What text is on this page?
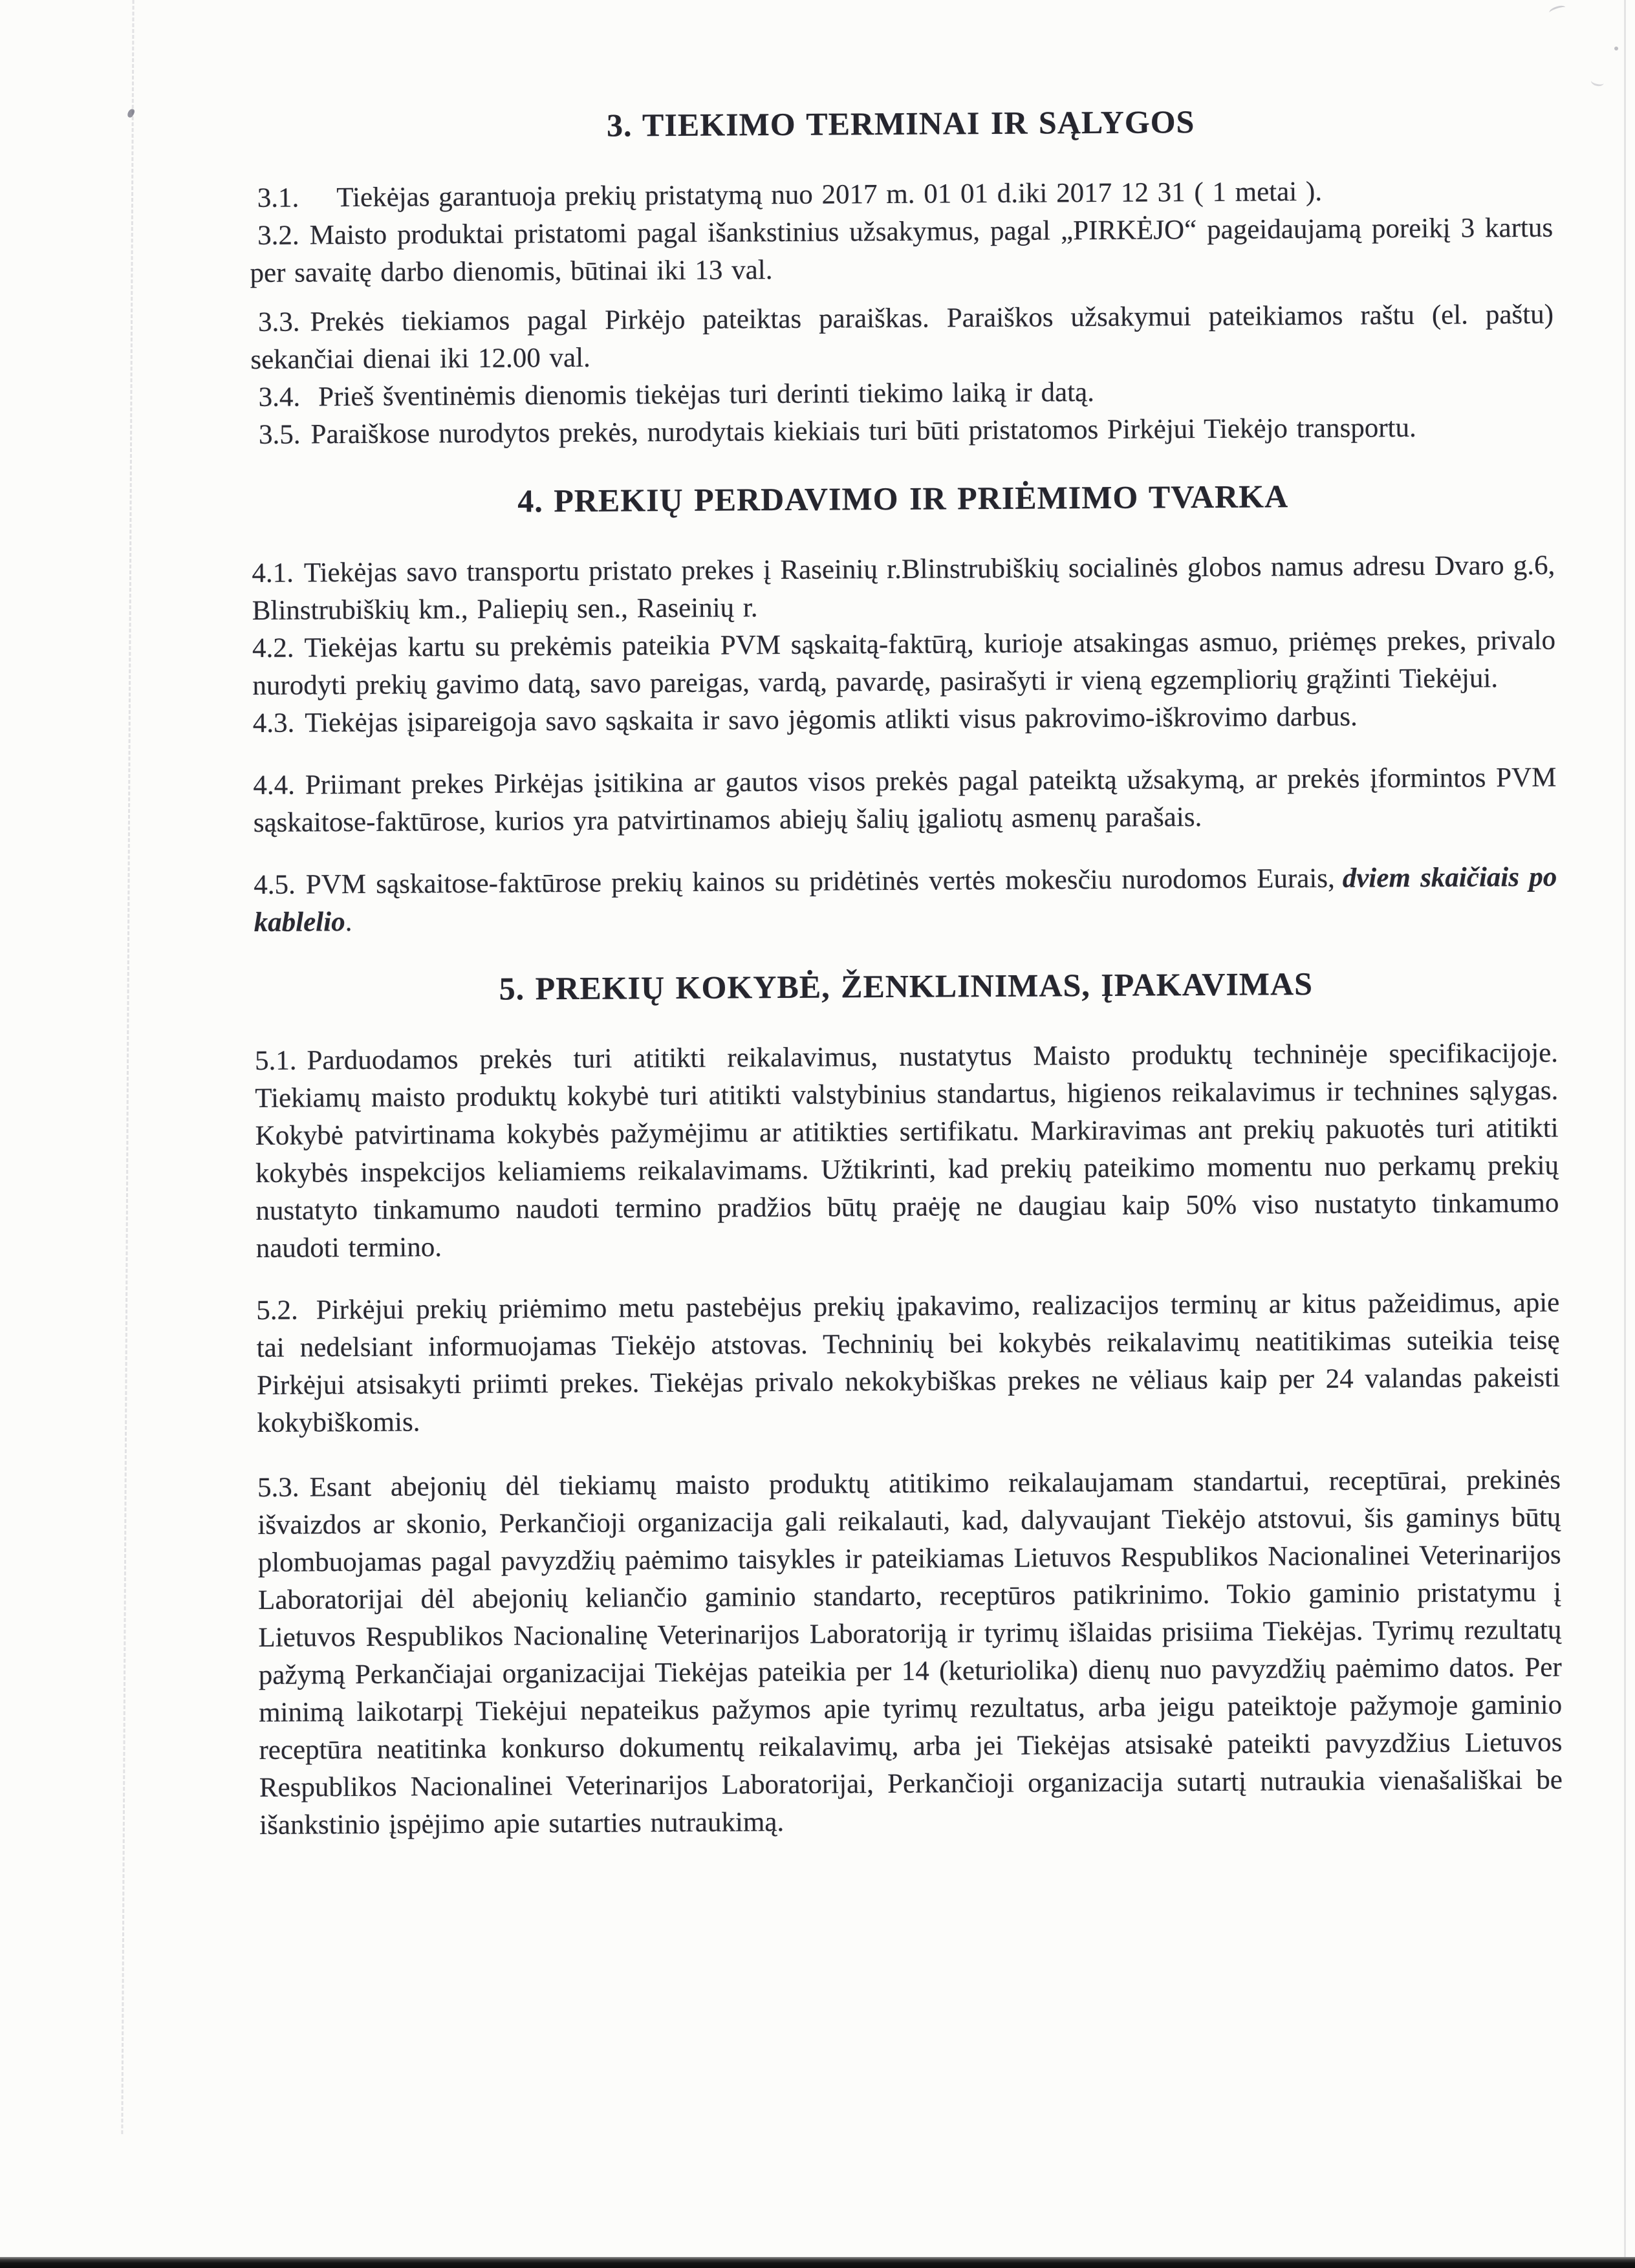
3. TIEKIMO TERMINAI IR SĄLYGOS

3.1. Tiekėjas garantuoja prekių pristatymą nuo 2017 m. 01 01 d.iki 2017 12 31 ( 1 metai ).

3.2. Maisto produktai pristatomi pagal išankstinius užsakymus, pagal „PIRKĖJO“ pageidaujamą poreikį 3 kartus per savaitę darbo dienomis, būtinai iki 13 val.

3.3. Prekės tiekiamos pagal Pirkėjo pateiktas paraiškas. Paraiškos užsakymui pateikiamos raštu (el. paštu) sekančiai dienai iki 12.00 val.

3.4. Prieš šventinėmis dienomis tiekėjas turi derinti tiekimo laiką ir datą.

3.5. Paraiškose nurodytos prekės, nurodytais kiekiais turi būti pristatomos Pirkėjui Tiekėjo transportu.

4. PREKIŲ PERDAVIMO IR PRIĖMIMO TVARKA

4.1. Tiekėjas savo transportu pristato prekes į Raseinių r.Blinstrubiškių socialinės globos namus adresu Dvaro g.6, Blinstrubiškių km., Paliepių sen., Raseinių r.

4.2. Tiekėjas kartu su prekėmis pateikia PVM sąskaitą-faktūrą, kurioje atsakingas asmuo, priėmęs prekes, privalo nurodyti prekių gavimo datą, savo pareigas, vardą, pavardę, pasirašyti ir vieną egzempliorių grąžinti Tiekėjui.

4.3. Tiekėjas įsipareigoja savo sąskaita ir savo jėgomis atlikti visus pakrovimo-iškrovimo darbus.

4.4. Priimant prekes Pirkėjas įsitikina ar gautos visos prekės pagal pateiktą užsakymą, ar prekės įformintos PVM sąskaitose-faktūrose, kurios yra patvirtinamos abiejų šalių įgaliotų asmenų parašais.

4.5. PVM sąskaitose-faktūrose prekių kainos su pridėtinės vertės mokesčiu nurodomos Eurais, dviem skaičiais po kablelio.

5. PREKIŲ KOKYBĖ, ŽENKLINIMAS, ĮPAKAVIMAS

5.1. Parduodamos prekės turi atitikti reikalavimus, nustatytus Maisto produktų techninėje specifikacijoje. Tiekiamų maisto produktų kokybė turi atitikti valstybinius standartus, higienos reikalavimus ir technines sąlygas. Kokybė patvirtinama kokybės pažymėjimu ar atitikties sertifikatu. Markiravimas ant prekių pakuotės turi atitikti kokybės inspekcijos keliamiems reikalavimams. Užtikrinti, kad prekių pateikimo momentu nuo perkamų prekių nustatyto tinkamumo naudoti termino pradžios būtų praėję ne daugiau kaip 50% viso nustatyto tinkamumo naudoti termino.

5.2. Pirkėjui prekių priėmimo metu pastebėjus prekių įpakavimo, realizacijos terminų ar kitus pažeidimus, apie tai nedelsiant informuojamas Tiekėjo atstovas. Techninių bei kokybės reikalavimų neatitikimas suteikia teisę Pirkėjui atsisakyti priimti prekes. Tiekėjas privalo nekokybiškas prekes ne vėliaus kaip per 24 valandas pakeisti kokybiškomis.

5.3. Esant abejonių dėl tiekiamų maisto produktų atitikimo reikalaujamam standartui, receptūrai, prekinės išvaizdos ar skonio, Perkančioji organizacija gali reikalauti, kad, dalyvaujant Tiekėjo atstovui, šis gaminys būtų plombuojamas pagal pavyzdžių paėmimo taisykles ir pateikiamas Lietuvos Respublikos Nacionalinei Veterinarijos Laboratorijai dėl abejonių keliančio gaminio standarto, receptūros patikrinimo. Tokio gaminio pristatymu į Lietuvos Respublikos Nacionalinę Veterinarijos Laboratoriją ir tyrimų išlaidas prisiima Tiekėjas. Tyrimų rezultatų pažymą Perkančiajai organizacijai Tiekėjas pateikia per 14 (keturiolika) dienų nuo pavyzdžių paėmimo datos. Per minimą laikotarpį Tiekėjui nepateikus pažymos apie tyrimų rezultatus, arba jeigu pateiktoje pažymoje gaminio receptūra neatitinka konkurso dokumentų reikalavimų, arba jei Tiekėjas atsisakė pateikti pavyzdžius Lietuvos Respublikos Nacionalinei Veterinarijos Laboratorijai, Perkančioji organizacija sutartį nutraukia vienašališkai be išankstinio įspėjimo apie sutarties nutraukimą.
